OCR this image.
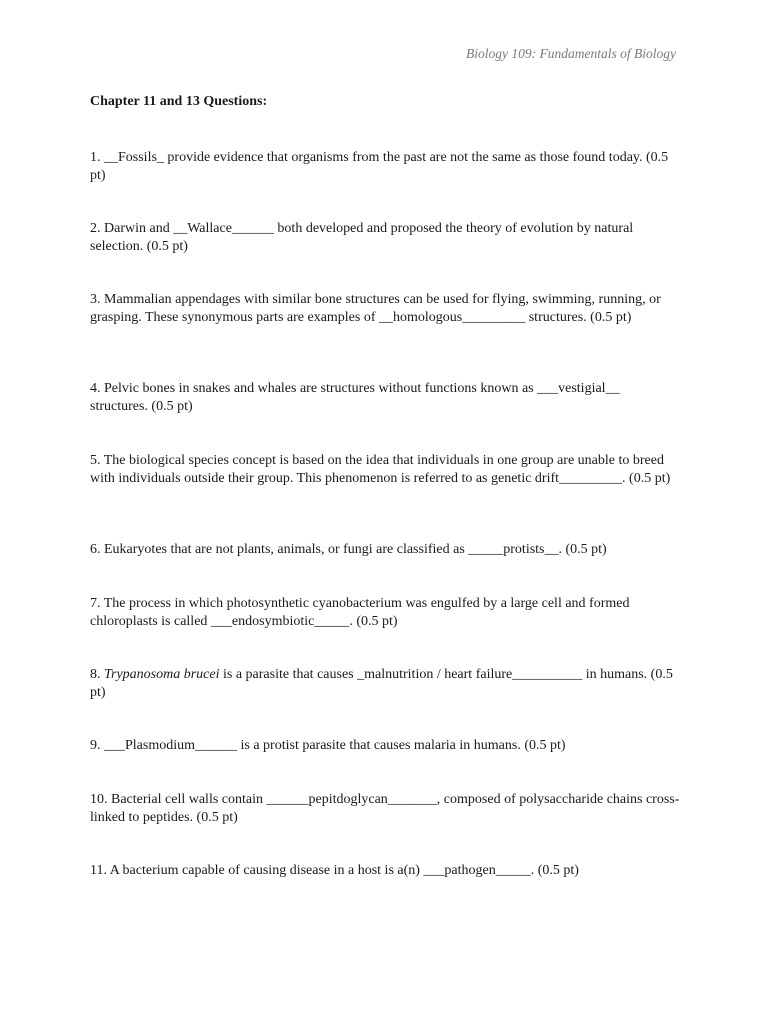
Biology 109: Fundamentals of Biology
Chapter 11 and 13 Questions:
1. __Fossils_ provide evidence that organisms from the past are not the same as those found today. (0.5 pt)
2. Darwin and __Wallace______ both developed and proposed the theory of evolution by natural selection. (0.5 pt)
3. Mammalian appendages with similar bone structures can be used for flying, swimming, running, or grasping. These synonymous parts are examples of __homologous_________ structures. (0.5 pt)
4. Pelvic bones in snakes and whales are structures without functions known as ___vestigial__ structures. (0.5 pt)
5. The biological species concept is based on the idea that individuals in one group are unable to breed with individuals outside their group. This phenomenon is referred to as genetic drift_________. (0.5 pt)
6. Eukaryotes that are not plants, animals, or fungi are classified as _____protists__. (0.5 pt)
7. The process in which photosynthetic cyanobacterium was engulfed by a large cell and formed chloroplasts is called ___endosymbiotic_____. (0.5 pt)
8. Trypanosoma brucei is a parasite that causes _malnutrition / heart failure__________ in humans. (0.5 pt)
9. ___Plasmodium______ is a protist parasite that causes malaria in humans. (0.5 pt)
10. Bacterial cell walls contain ______pepitdoglycan_______, composed of polysaccharide chains cross-linked to peptides. (0.5 pt)
11. A bacterium capable of causing disease in a host is a(n) ___pathogen_____. (0.5 pt)
